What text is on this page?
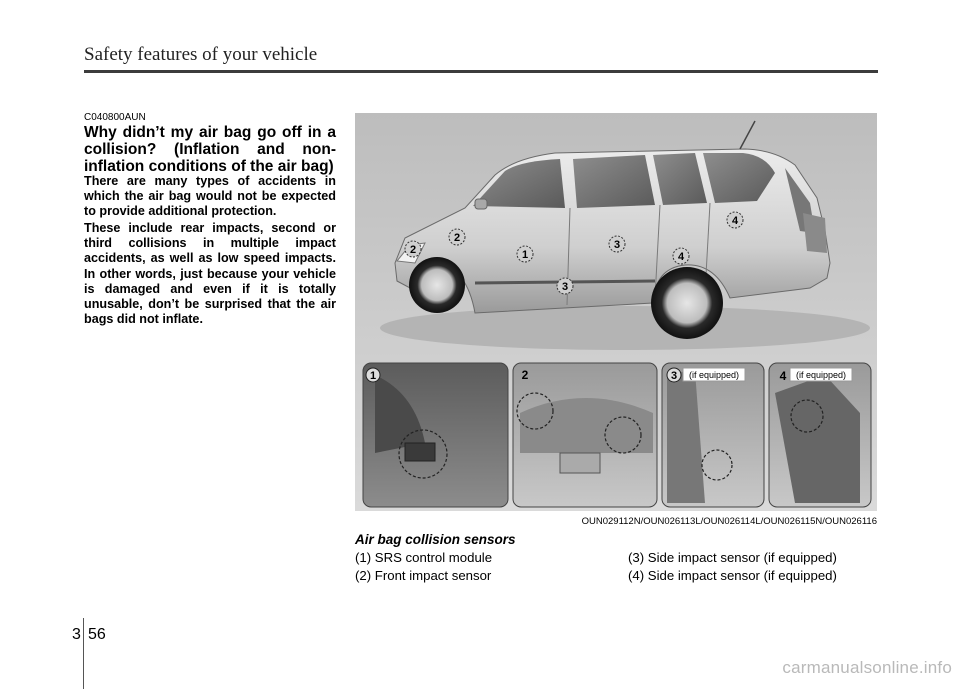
Safety features of your vehicle
C040800AUN
Why didn’t my air bag go off in a collision? (Inflation and non-inflation conditions of the air bag)

There are many types of accidents in which the air bag would not be expected to provide additional protection.

These include rear impacts, second or third collisions in multiple impact accidents, as well as low speed impacts. In other words, just because your vehicle is damaged and even if it is totally unusable, don’t be surprised that the air bags did not inflate.

2
2
1
3
3
4
4
1	2	3 (if equipped)	4 (if equipped)
OUN029112N/OUN026113L/OUN026114L/OUN026115N/OUN026116
Air bag collision sensors
(1) SRS control module
(2) Front impact sensor
(3) Side impact sensor (if equipped)
(4) Side impact sensor (if equipped)
3 56
carmanualsonline.info
